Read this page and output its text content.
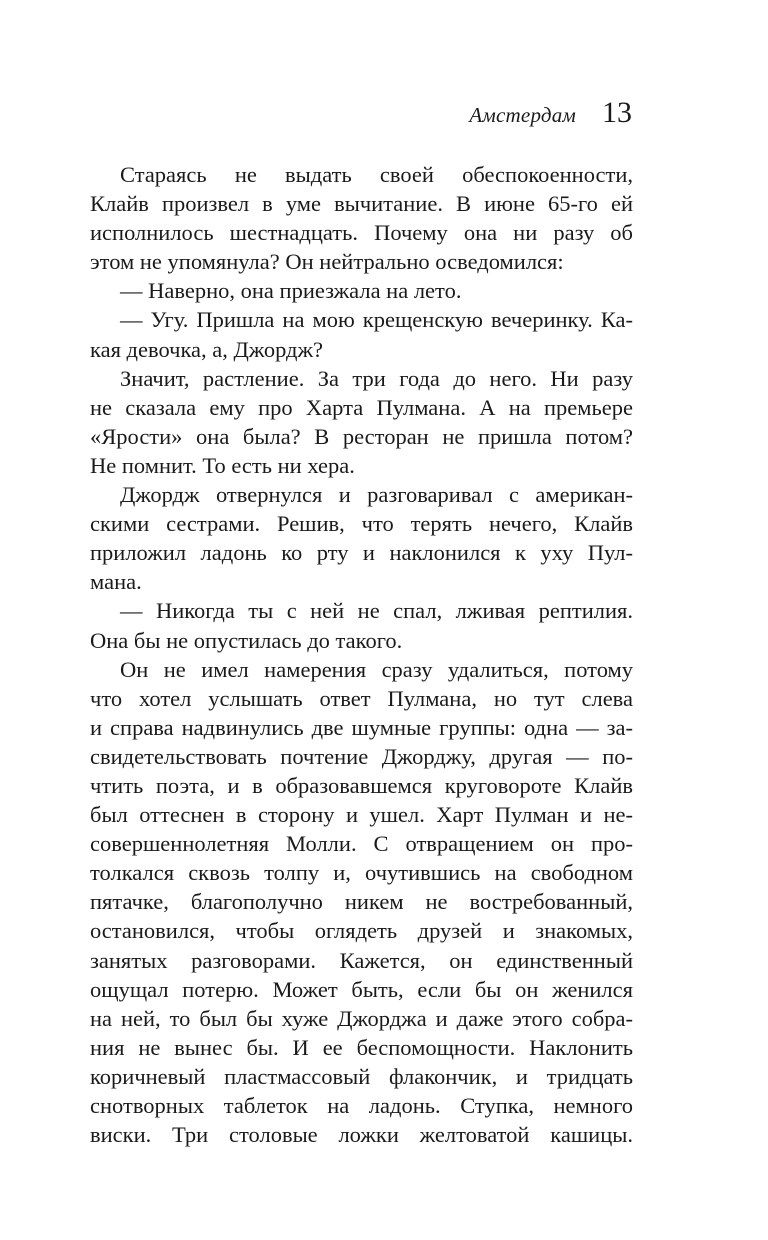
Амстердам 13
Стараясь не выдать своей обеспокоенности,
Клайв произвел в уме вычитание. В июне 65-го ей
исполнилось шестнадцать. Почему она ни разу об
этом не упомянула? Он нейтрально осведомился:
— Наверно, она приезжала на лето.
— Угу. Пришла на мою крещенскую вечеринку. Ка-
кая девочка, а, Джордж?
Значит, растление. За три года до него. Ни разу
не сказала ему про Харта Пулмана. А на премьере
«Ярости» она была? В ресторан не пришла потом?
Не помнит. То есть ни хера.
Джордж отвернулся и разговаривал с американ-
скими сестрами. Решив, что терять нечего, Клайв
приложил ладонь ко рту и наклонился к уху Пул-
мана.
— Никогда ты с ней не спал, лживая рептилия.
Она бы не опустилась до такого.
Он не имел намерения сразу удалиться, потому
что хотел услышать ответ Пулмана, но тут слева
и справа надвинулись две шумные группы: одна — за-
свидетельствовать почтение Джорджу, другая — по-
чтить поэта, и в образовавшемся круговороте Клайв
был оттеснен в сторону и ушел. Харт Пулман и не-
совершеннолетняя Молли. С отвращением он про-
толкался сквозь толпу и, очутившись на свободном
пятачке, благополучно никем не востребованный,
остановился, чтобы оглядеть друзей и знакомых,
занятых разговорами. Кажется, он единственный
ощущал потерю. Может быть, если бы он женился
на ней, то был бы хуже Джорджа и даже этого собра-
ния не вынес бы. И ее беспомощности. Наклонить
коричневый пластмассовый флакончик, и тридцать
снотворных таблеток на ладонь. Ступка, немного
виски. Три столовые ложки желтоватой кашицы.
